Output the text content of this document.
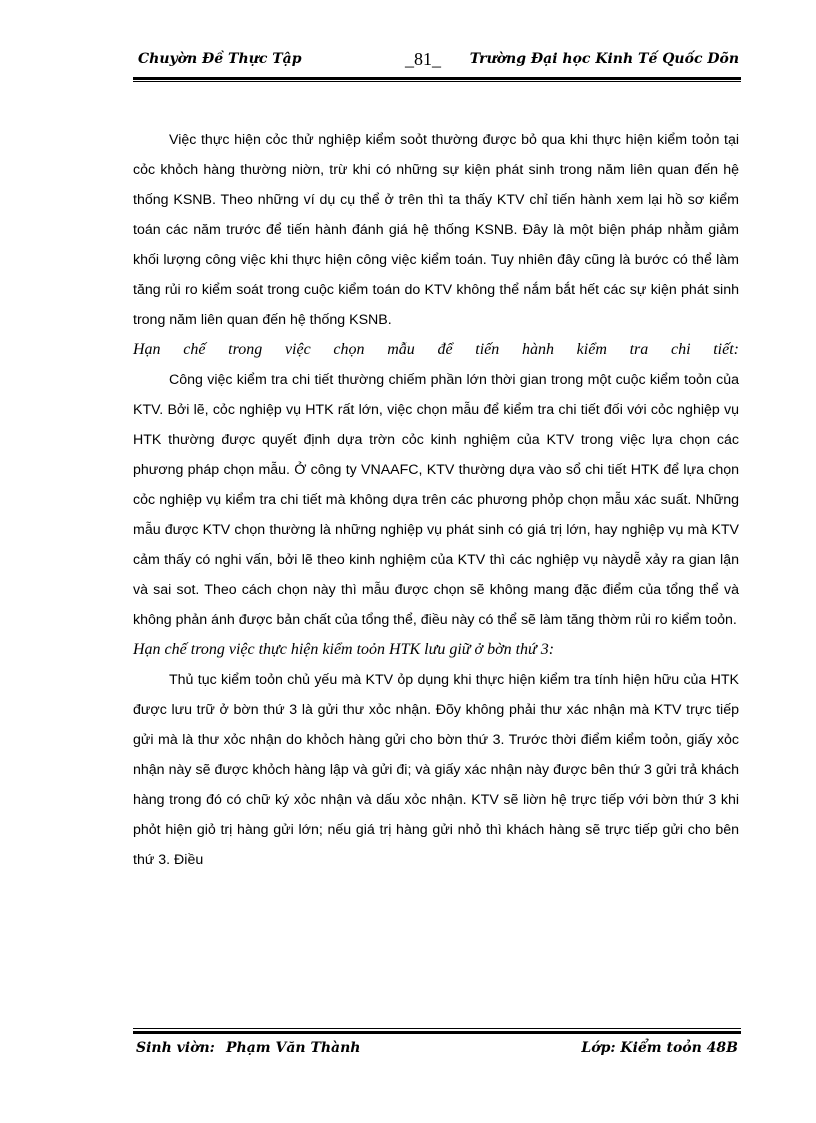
Chuyờn Đề Thực Tập	_81_ Trường Đại học Kinh Tế Quốc Dõn

Việc thực hiện cỏc thử nghiệp kiểm soỏt thường được bỏ qua khi thực hiện kiểm toỏn tại cỏc khỏch hàng thường niờn, trừ khi có những sự kiện phát sinh trong năm liên quan đến hệ thống KSNB. Theo những ví dụ cụ thể ở trên thì ta thấy KTV chỉ tiến hành xem lại hồ sơ kiểm toán các năm trước để tiến hành đánh giá hệ thống KSNB. Đây là một biện pháp nhằm giảm khối lượng công việc khi thực hiện công việc kiểm toán. Tuy nhiên đây cũng là bước có thể làm tăng rủi ro kiểm soát trong cuộc kiểm toán do KTV không thể nắm bắt hết các sự kiện phát sinh trong năm liên quan đến hệ thống KSNB.

Hạn chế trong việc chọn mẫu để tiến hành kiểm tra chi tiết:

Công việc kiểm tra chi tiết thường chiếm phần lớn thời gian trong một cuộc kiểm toỏn của KTV. Bởi lẽ, cỏc nghiệp vụ HTK rất lớn, việc chọn mẫu để kiểm tra chi tiết đối với cỏc nghiệp vụ HTK thường được quyết định dựa trờn cỏc kinh nghiệm của KTV trong việc lựa chọn các phương pháp chọn mẫu. Ở công ty VNAAFC, KTV thường dựa vào sổ chi tiết HTK để lựa chọn cỏc nghiệp vụ kiểm tra chi tiết mà không dựa trên các phương phỏp chọn mẫu xác suất. Những mẫu được KTV chọn thường là những nghiệp vụ phát sinh có giá trị lớn, hay nghiệp vụ mà KTV cảm thấy có nghi vấn, bởi lẽ theo kinh nghiệm của KTV thì các nghiệp vụ nàydễ xảy ra gian lận và sai sot. Theo cách chọn này thì mẫu được chọn sẽ không mang đặc điểm của tổng thể và không phản ánh được bản chất của tổng thể, điều này có thể sẽ làm tăng thờm rủi ro kiểm toỏn.

Hạn chế trong việc thực hiện kiểm toỏn HTK lưu giữ ở bờn thứ 3:

Thủ tục kiểm toỏn chủ yếu mà KTV ỏp dụng khi thực hiện kiểm tra tính hiện hữu của HTK được lưu trữ ở bờn thứ 3 là gửi thư xỏc nhận. Đõy không phải thư xác nhận mà KTV trực tiếp gửi mà là thư xỏc nhận do khỏch hàng gửi cho bờn thứ 3. Trước thời điểm kiểm toỏn, giấy xỏc nhận này sẽ được khỏch hàng lập và gửi đi; và giấy xác nhận này được bên thứ 3 gửi trả khách hàng trong đó có chữ ký xỏc nhận và dấu xỏc nhận. KTV sẽ liờn hệ trực tiếp với bờn thứ 3 khi phỏt hiện giỏ trị hàng gửi lớn; nếu giá trị hàng gửi nhỏ thì khách hàng sẽ trực tiếp gửi cho bên thứ 3. Điều

Sinh viờn: Phạm Văn Thành	Lớp: Kiểm toỏn 48B
